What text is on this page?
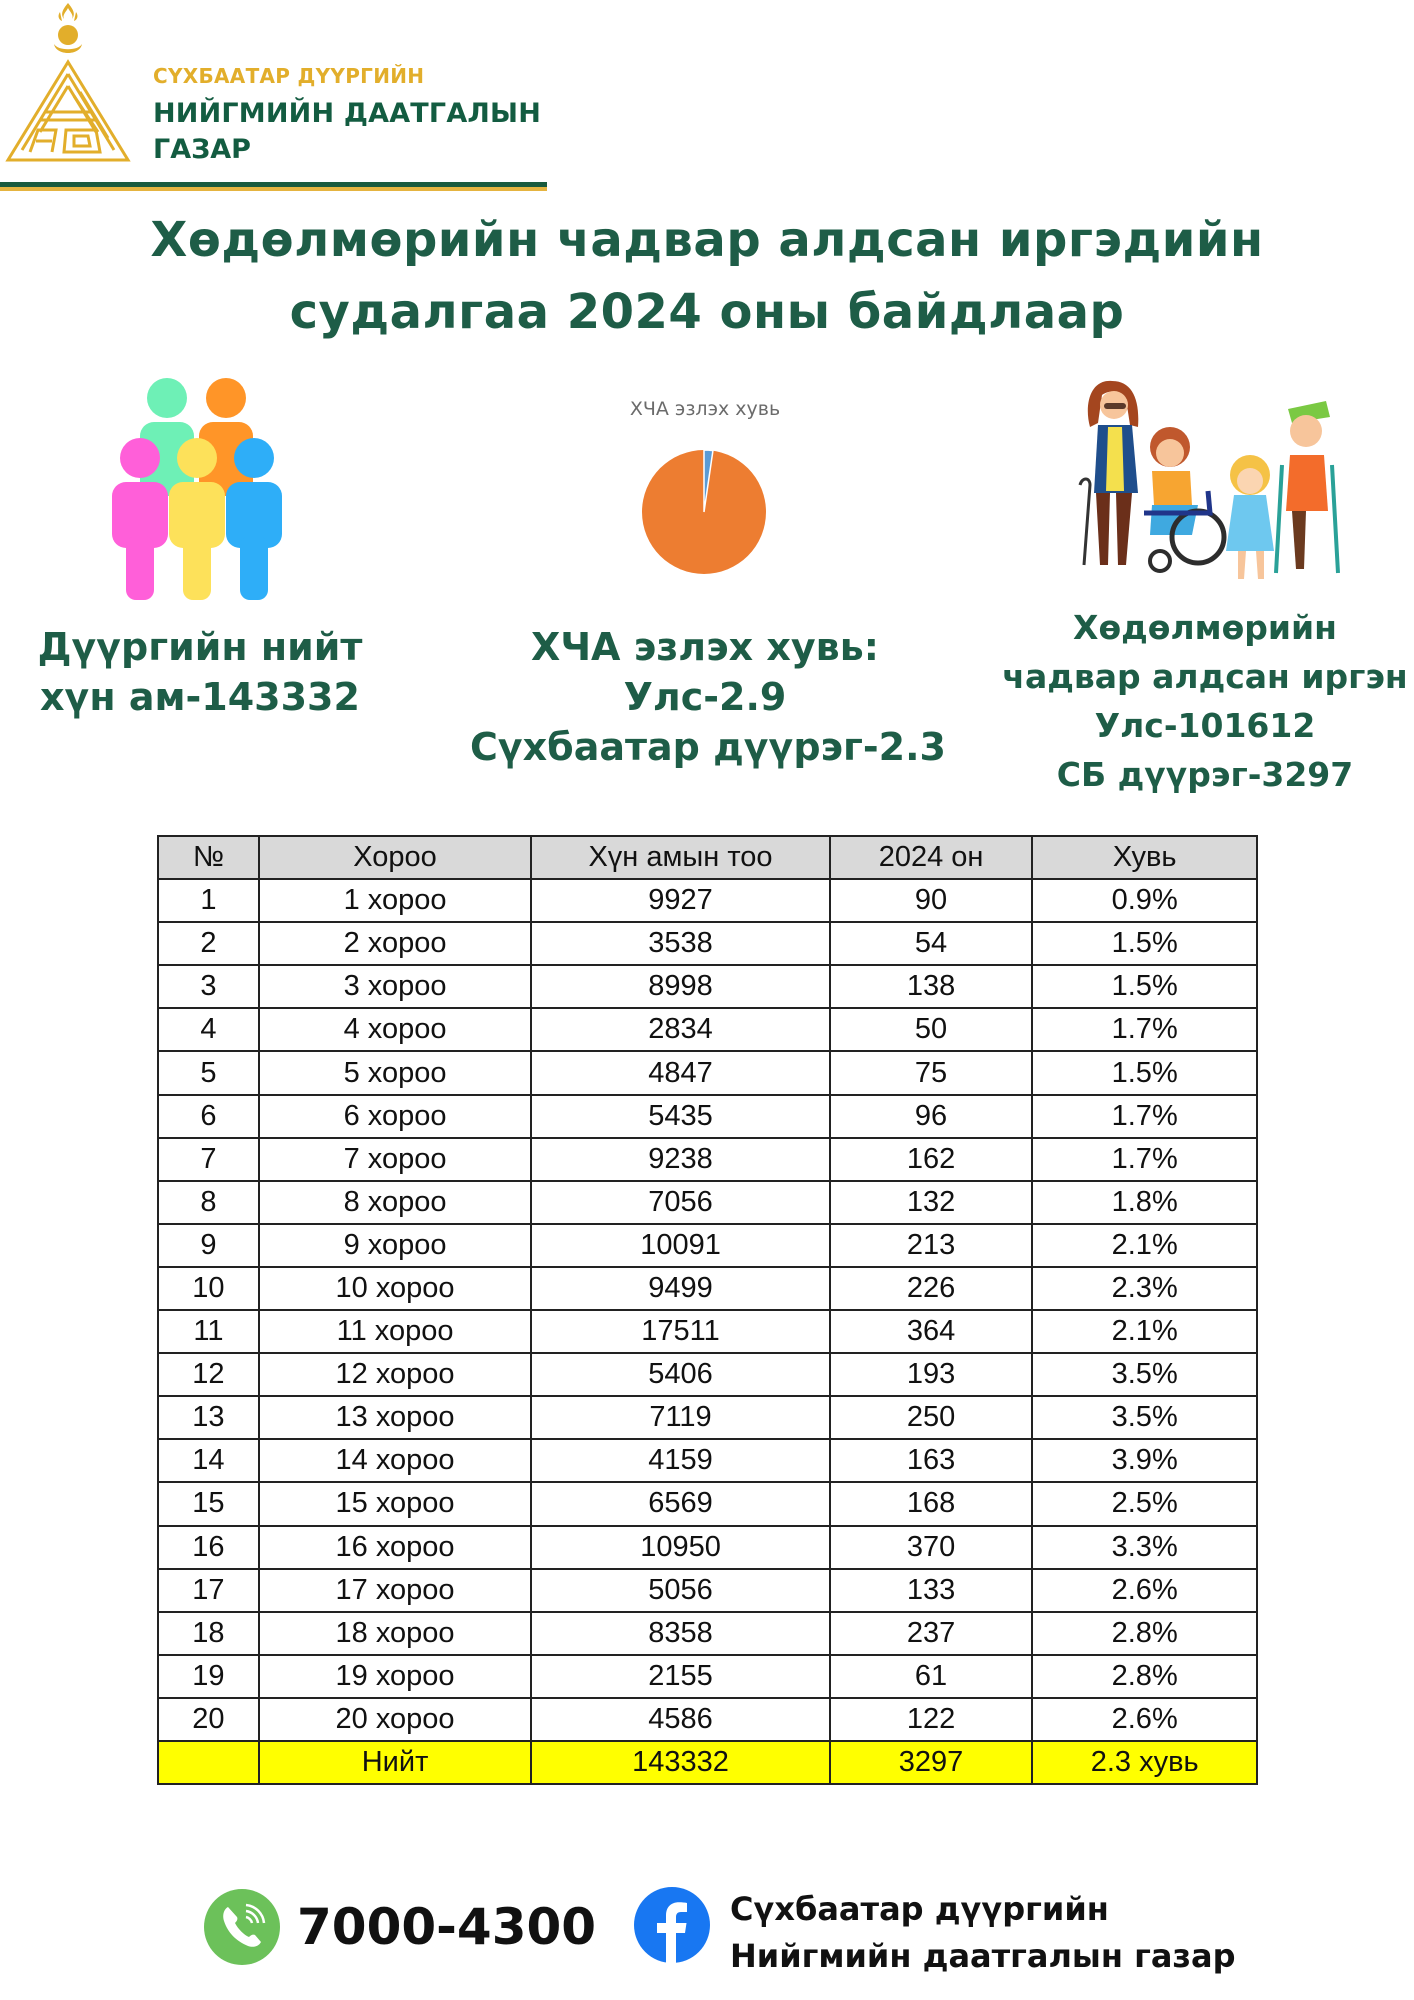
СҮХБААТАР ДҮҮРГИЙН
НИЙГМИЙН ДААТГАЛЫН
ГАЗАР
Хөдөлмөрийн чадвар алдсан иргэдийн
судалгаа 2024 оны байдлаар
Дүүргийн нийт
хүн ам-143332
ХЧА эзлэх хувь
ХЧА эзлэх хувь:
Улс-2.9
Сүхбаатар дүүрэг-2.3
Хөдөлмөрийн
чадвар алдсан иргэн
Улс-101612
СБ дүүрэг-3297
№	Хороо	Хүн амын тоо	2024 он	Хувь
1	1 хороо	9927	90	0.9%
2	2 хороо	3538	54	1.5%
3	3 хороо	8998	138	1.5%
4	4 хороо	2834	50	1.7%
5	5 хороо	4847	75	1.5%
6	6 хороо	5435	96	1.7%
7	7 хороо	9238	162	1.7%
8	8 хороо	7056	132	1.8%
9	9 хороо	10091	213	2.1%
10	10 хороо	9499	226	2.3%
11	11 хороо	17511	364	2.1%
12	12 хороо	5406	193	3.5%
13	13 хороо	7119	250	3.5%
14	14 хороо	4159	163	3.9%
15	15 хороо	6569	168	2.5%
16	16 хороо	10950	370	3.3%
17	17 хороо	5056	133	2.6%
18	18 хороо	8358	237	2.8%
19	19 хороо	2155	61	2.8%
20	20 хороо	4586	122	2.6%
	Нийт	143332	3297	2.3 хувь
7000-4300	Сүхбаатар дүүргийн
Нийгмийн даатгалын газар
